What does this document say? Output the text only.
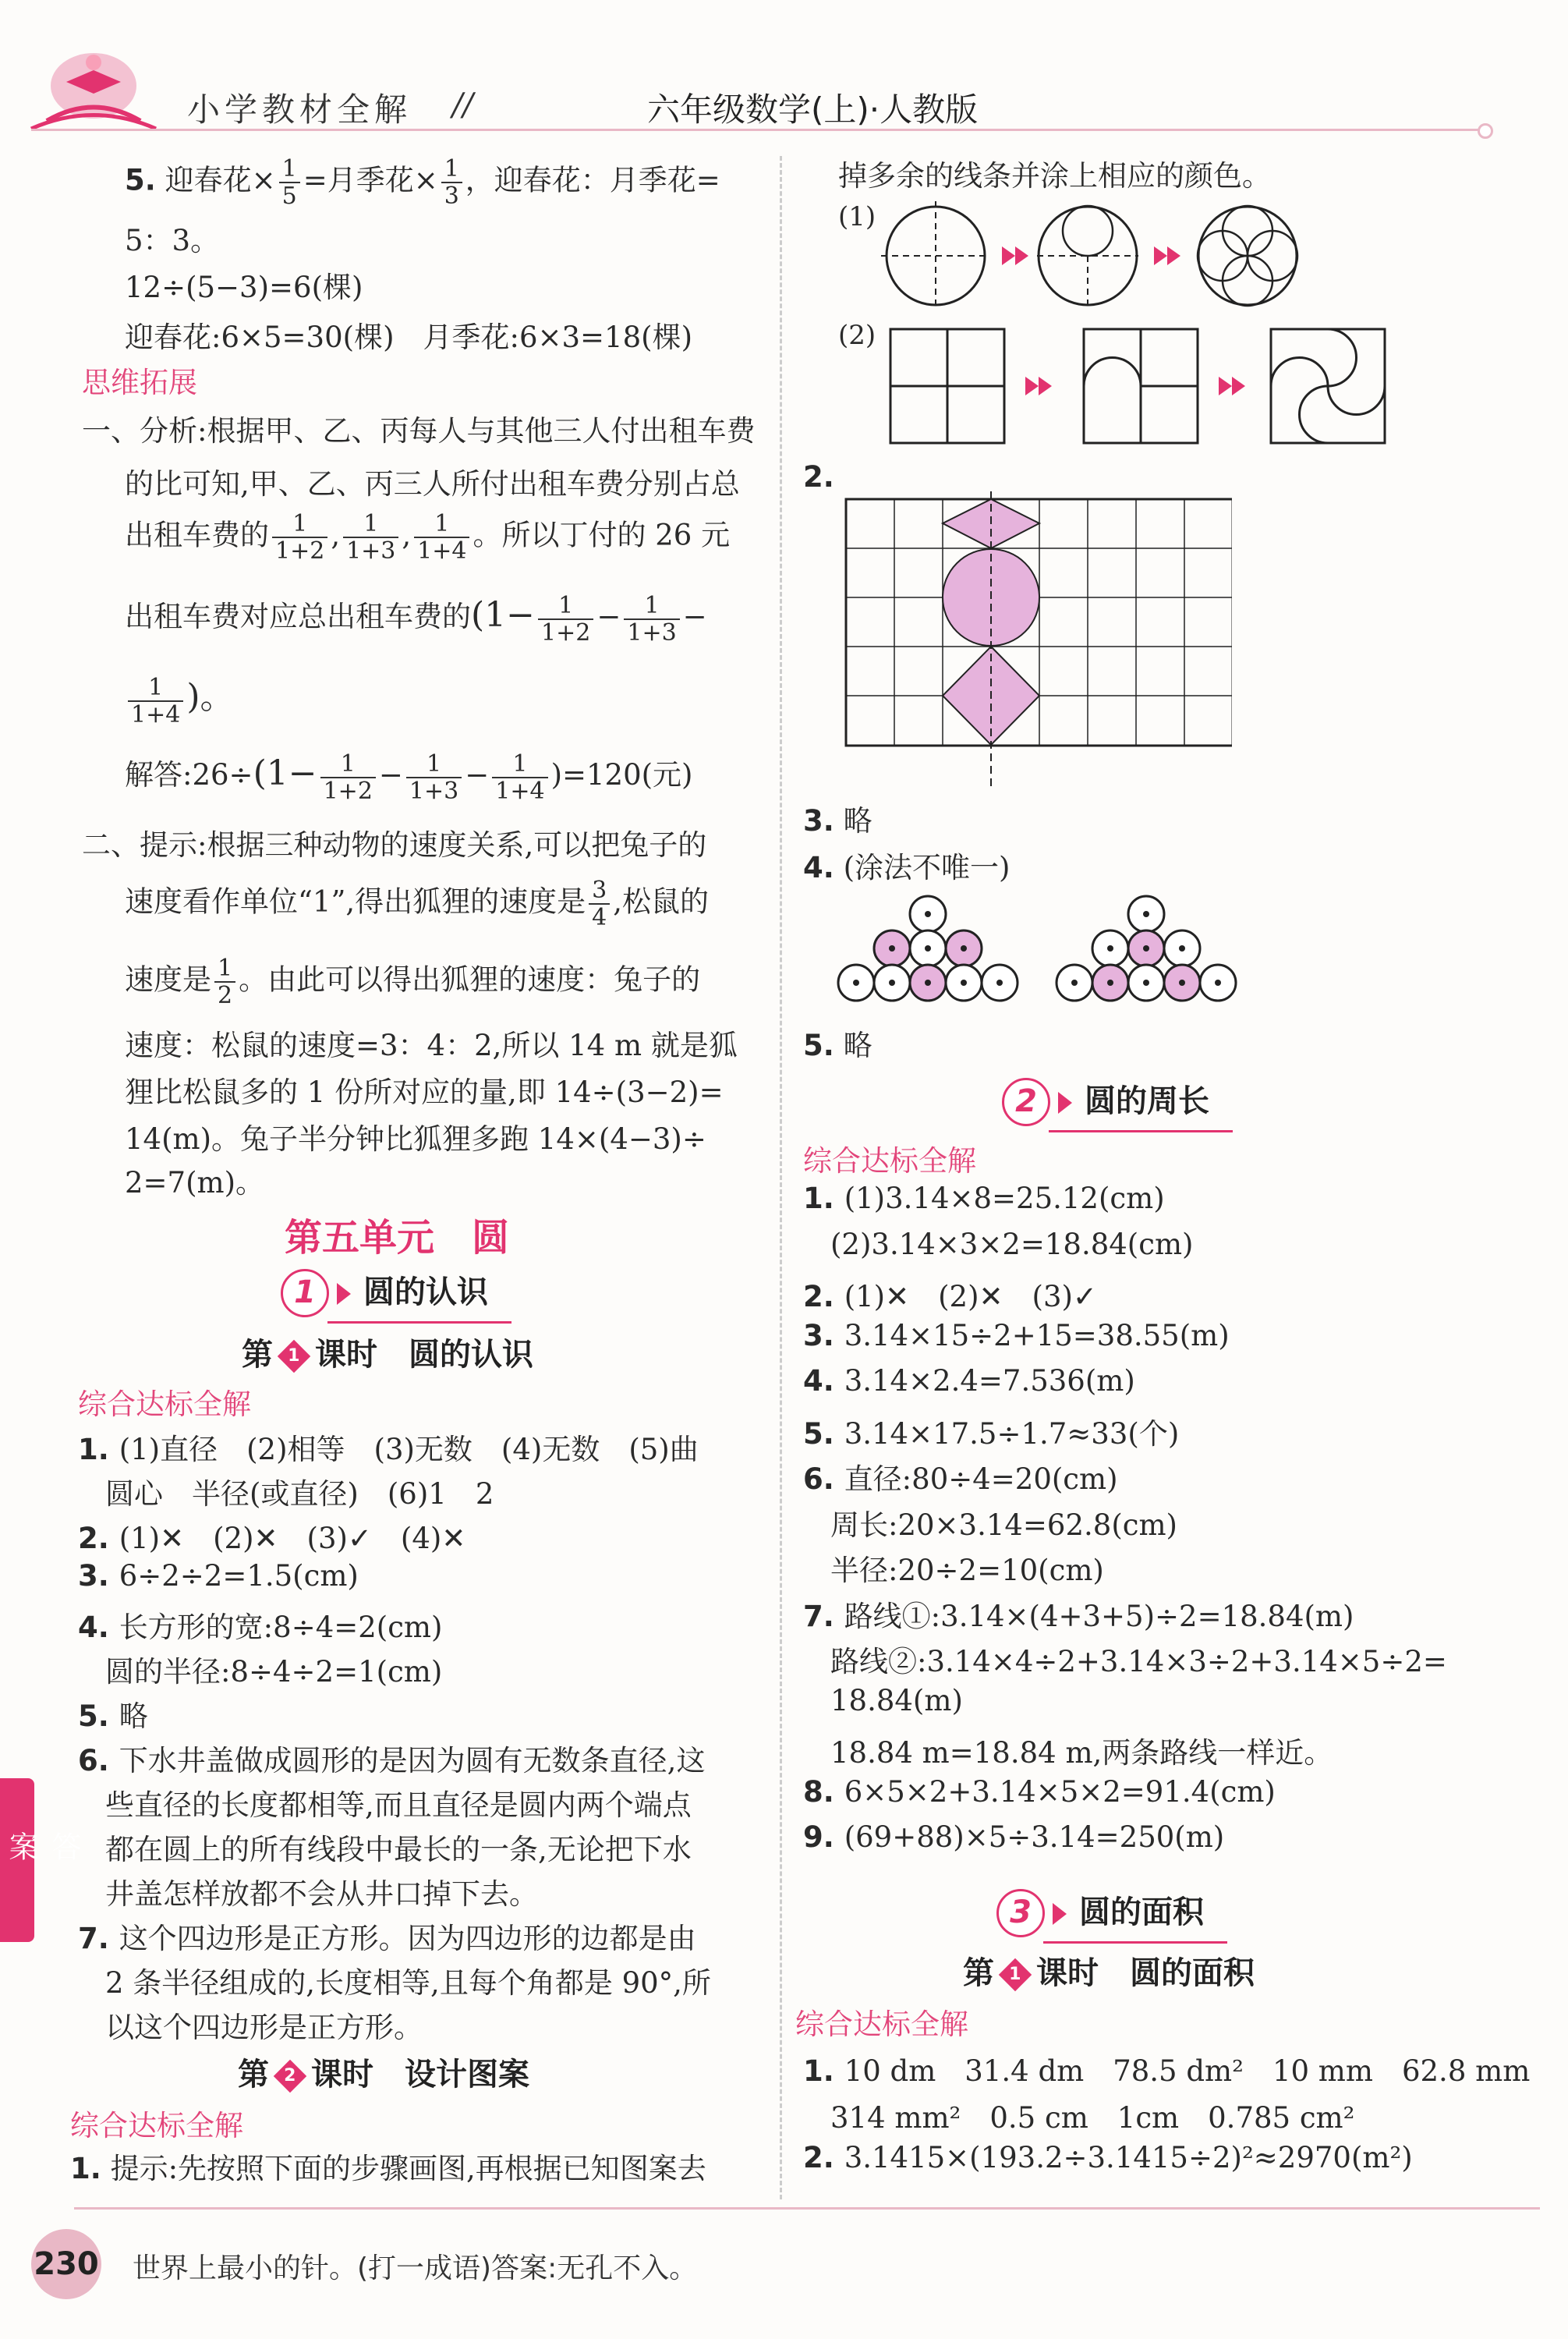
小学教材全解 //	六年级数学(上)·人教版
5. 迎春花× $\frac{1}{5}$ =月季花× $\frac{1}{3}$ ，迎春花：月季花=
5：3。
12÷(5−3)=6(棵)
迎春花:6×5=30(棵)　月季花:6×3=18(棵)
思维拓展
一、分析:根据甲、乙、丙每人与其他三人付出租车费
的比可知,甲、乙、丙三人所付出租车费分别占总
出租车费的 $\frac{1}{1+2}$ , $\frac{1}{1+3}$ , $\frac{1}{1+4}$ 。所以丁付的 26 元
出租车费对应总出租车费的($1- \frac{1}{1+2} - \frac{1}{1+3}$ −
$\frac{1}{1+4}$ )。
解答:26÷(1− $\frac{1}{1+2} - \frac{1}{1+3} - \frac{1}{1+4} )=120$(元)
二、提示:根据三种动物的速度关系,可以把兔子的
速度看作单位“1”,得出狐狸的速度是 $\frac{3}{4}$ ,松鼠的
速度是 $\frac{1}{2}$ 。由此可以得出狐狸的速度：兔子的
速度：松鼠的速度=3：4：2,所以 14 m 就是狐
狸比松鼠多的 1 份所对应的量,即 14÷(3−2)=
14(m)。兔子半分钟比狐狸多跑 14×(4−3)÷
2=7(m)。
第五单元　圆
1 圆的认识
第 1 课时　圆的认识
综合达标全解
1. (1)直径　(2)相等　(3)无数　(4)无数　(5)曲
圆心　半径(或直径)　(6)1　2
2. (1)✕　(2)✕　(3)✓　(4)✕
3. 6÷2÷2=1.5(cm)
4. 长方形的宽:8÷4=2(cm)
圆的半径:8÷4÷2=1(cm)
5. 略
6. 下水井盖做成圆形的是因为圆有无数条直径,这
些直径的长度都相等,而且直径是圆内两个端点
都在圆上的所有线段中最长的一条,无论把下水
井盖怎样放都不会从井口掉下去。
7. 这个四边形是正方形。因为四边形的边都是由
2 条半径组成的,长度相等,且每个角都是 90°,所
以这个四边形是正方形。
第 2 课时　设计图案
综合达标全解
1. 提示:先按照下面的步骤画图,再根据已知图案去
掉多余的线条并涂上相应的颜色。
(1)
(2)
2.
3. 略
4. (涂法不唯一)
5. 略
2 圆的周长
综合达标全解
1. (1)3.14×8=25.12(cm)
(2)3.14×3×2=18.84(cm)
2. (1)✕　(2)✕　(3)✓
3. 3.14×15÷2+15=38.55(m)
4. 3.14×2.4=7.536(m)
5. 3.14×17.5÷1.7≈33(个)
6. 直径:80÷4=20(cm)
周长:20×3.14=62.8(cm)
半径:20÷2=10(cm)
7. 路线①:3.14×(4+3+5)÷2=18.84(m)
路线②:3.14×4÷2+3.14×3÷2+3.14×5÷2=
18.84(m)
18.84 m=18.84 m,两条路线一样近。
8. 6×5×2+3.14×5×2=91.4(cm)
9. (69+88)×5÷3.14=250(m)
3 圆的面积
第 1 课时　圆的面积
综合达标全解
1. 10 dm　31.4 dm　78.5 dm²　10 mm　62.8 mm
314 mm²　0.5 cm　1cm　0.785 cm²
2. 3.1415×(193.2÷3.1415÷2)²≈2970(m²)
答案
230 世界上最小的针。(打一成语)答案:无孔不入。
